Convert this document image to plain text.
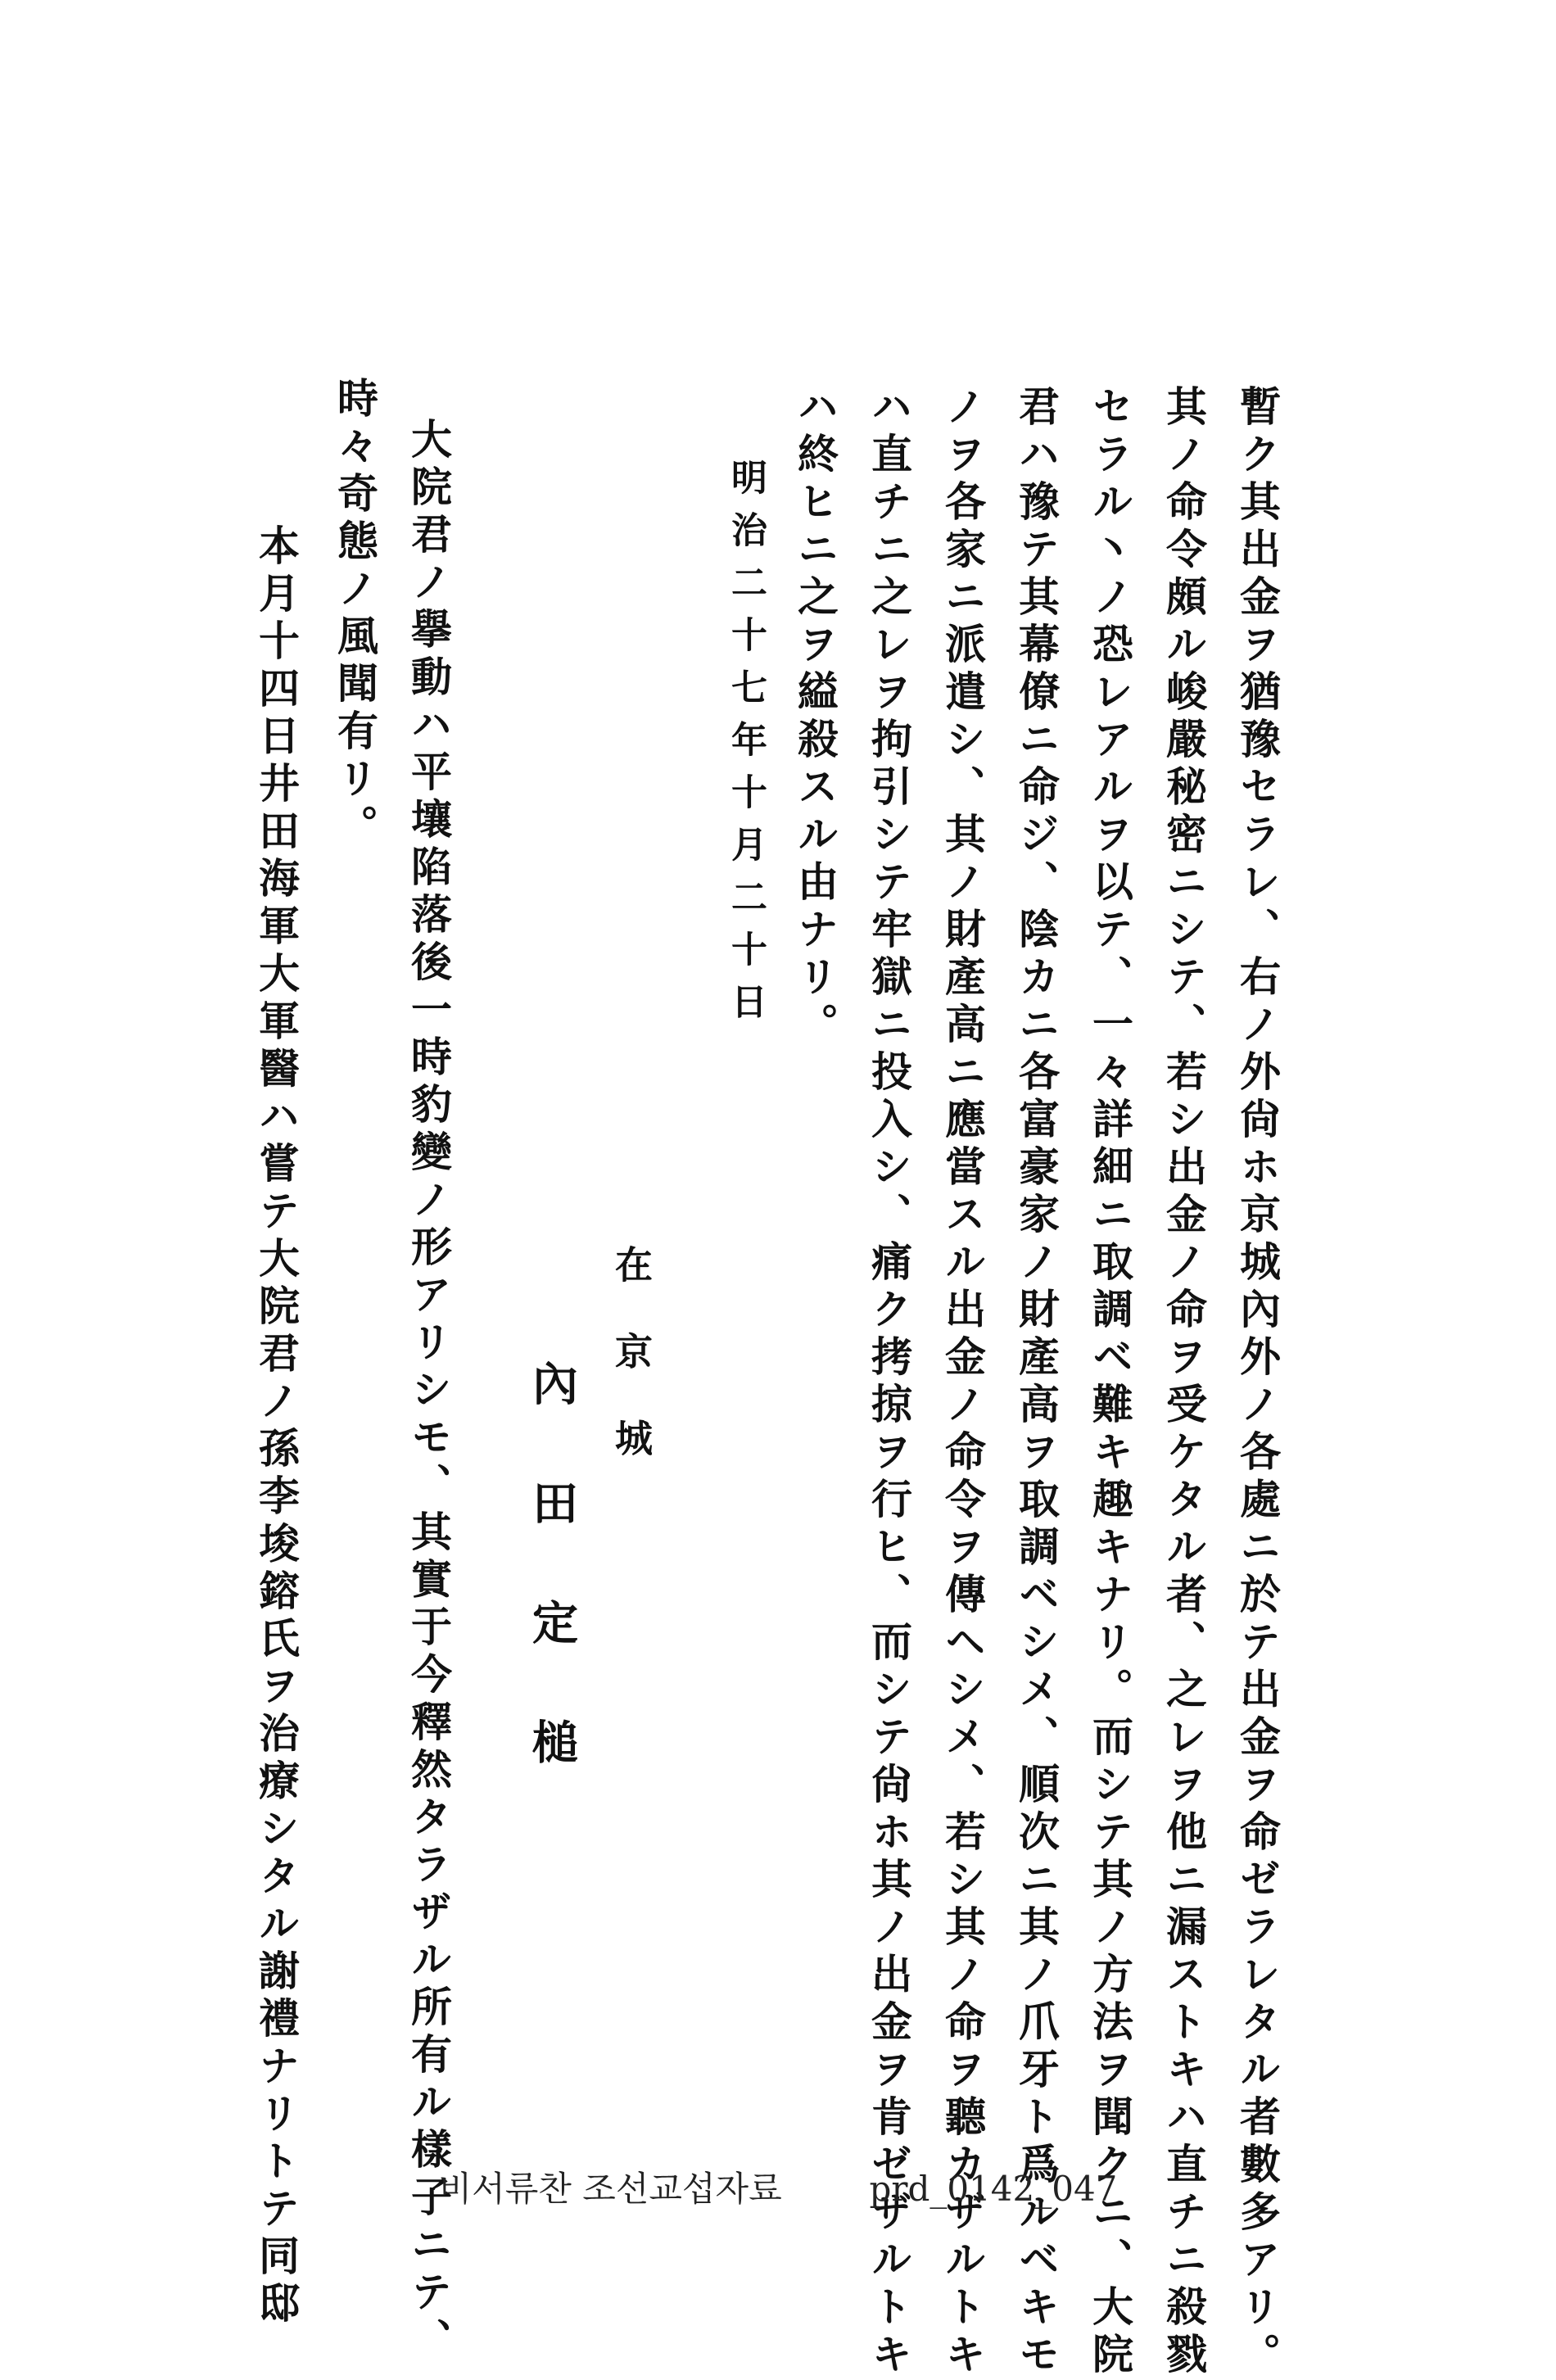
暫ク其出金ヲ猶豫セラレ、右ノ外尙ホ京城內外ノ各處ニ於テ出金ヲ命ゼラレタル者數多アリ。
其ノ命令頗ル峻嚴秘密ニシテ、若シ出金ノ命ヲ受ケタル者、之レヲ他ニ漏ストキハ直チニ殺戮
セラル丶ノ恐レアルヲ以テ、一々詳細ニ取調ベ難キ趣キナリ。而シテ其ノ方法ヲ聞クニ、大院
君ハ豫テ其幕僚ニ命ジ、陰カニ各富豪家ノ財產高ヲ取調ベシメ、順次ニ其ノ爪牙ト爲ルベキモ
ノヲ各家ニ派遣シ、其ノ財產高ニ應當スル出金ノ命令ヲ傳ヘシメ、若シ其ノ命ヲ聽カザルトキ
ハ直チニ之レヲ拘引シテ牢獄ニ投入シ、痛ク拷掠ヲ行ヒ、而シテ尙ホ其ノ出金ヲ肯ゼザルトキ
ハ終ヒニ之ヲ縊殺スル由ナリ。
明治二十七年十月二十日
在京城
內田定槌
大院君ノ擧動ハ平壤陷落後一時豹變ノ形アリシモ、其實于今釋然タラザル所有ル樣子ニテ、
時々奇態ノ風聞有リ。
本月十四日井田海軍大軍醫ハ嘗テ大院君ノ孫李埈鎔氏ヲ治療シタル謝禮ナリトテ同邸	비서류찬 조선교섭자료	prd_0142_047
